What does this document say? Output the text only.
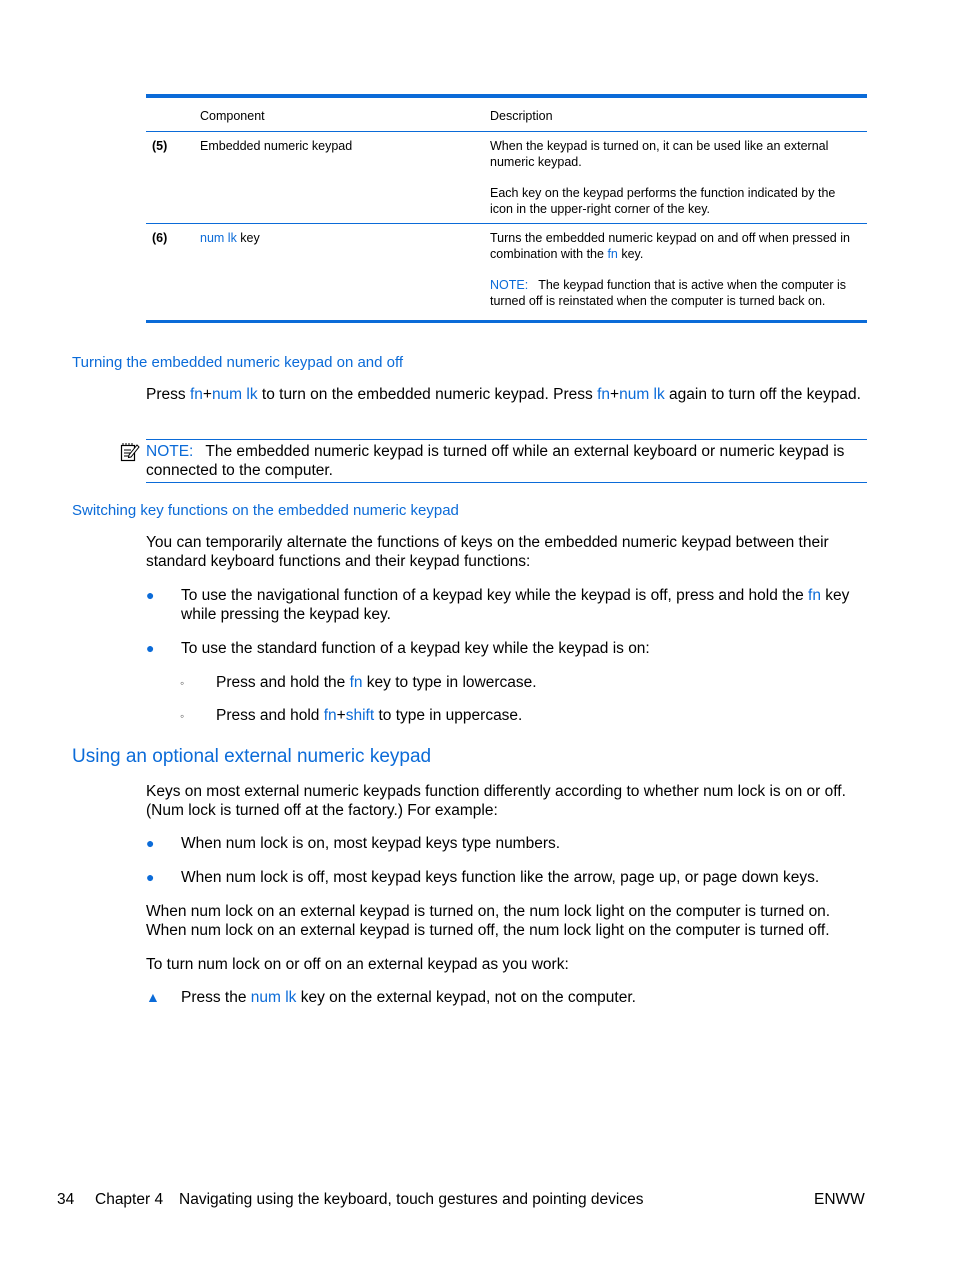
Component	Description
(5)	Embedded numeric keypad	When the keypad is turned on, it can be used like an external numeric keypad.

Each key on the keypad performs the function indicated by the icon in the upper-right corner of the key.

(6)	num lk key	Turns the embedded numeric keypad on and off when pressed in combination with the fn key.

NOTE: The keypad function that is active when the computer is turned off is reinstated when the computer is turned back on.

Turning the embedded numeric keypad on and off

Press fn+num lk to turn on the embedded numeric keypad. Press fn+num lk again to turn off the keypad.

NOTE: The embedded numeric keypad is turned off while an external keyboard or numeric keypad is connected to the computer.
Switching key functions on the embedded numeric keypad

You can temporarily alternate the functions of keys on the embedded numeric keypad between their standard keyboard functions and their keypad functions:

●	To use the navigational function of a keypad key while the keypad is off, press and hold the fn key while pressing the keypad key.
●	To use the standard function of a keypad key while the keypad is on:
◦ Press and hold the fn key to type in lowercase.
◦ Press and hold fn+shift to type in uppercase.
Using an optional external numeric keypad

Keys on most external numeric keypads function differently according to whether num lock is on or off. (Num lock is turned off at the factory.) For example:

●	When num lock is on, most keypad keys type numbers.
●	When num lock is off, most keypad keys function like the arrow, page up, or page down keys.

When num lock on an external keypad is turned on, the num lock light on the computer is turned on. When num lock on an external keypad is turned off, the num lock light on the computer is turned off.

To turn num lock on or off on an external keypad as you work:

▲ Press the num lk key on the external keypad, not on the computer.
34 Chapter 4 Navigating using the keyboard, touch gestures and pointing devices	ENWW
